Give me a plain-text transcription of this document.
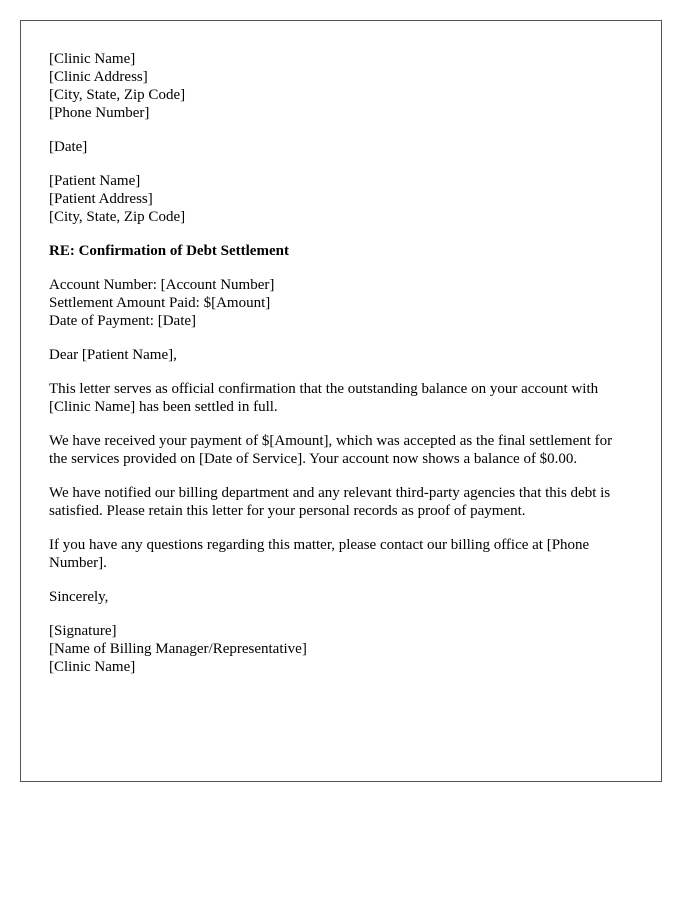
[Clinic Name]
[Clinic Address]
[City, State, Zip Code]
[Phone Number]
[Date]
[Patient Name]
[Patient Address]
[City, State, Zip Code]
RE: Confirmation of Debt Settlement
Account Number: [Account Number]
Settlement Amount Paid: $[Amount]
Date of Payment: [Date]
Dear [Patient Name],
This letter serves as official confirmation that the outstanding balance on your account with [Clinic Name] has been settled in full.
We have received your payment of $[Amount], which was accepted as the final settlement for the services provided on [Date of Service]. Your account now shows a balance of $0.00.
We have notified our billing department and any relevant third-party agencies that this debt is satisfied. Please retain this letter for your personal records as proof of payment.
If you have any questions regarding this matter, please contact our billing office at [Phone Number].
Sincerely,
[Signature]
[Name of Billing Manager/Representative]
[Clinic Name]
